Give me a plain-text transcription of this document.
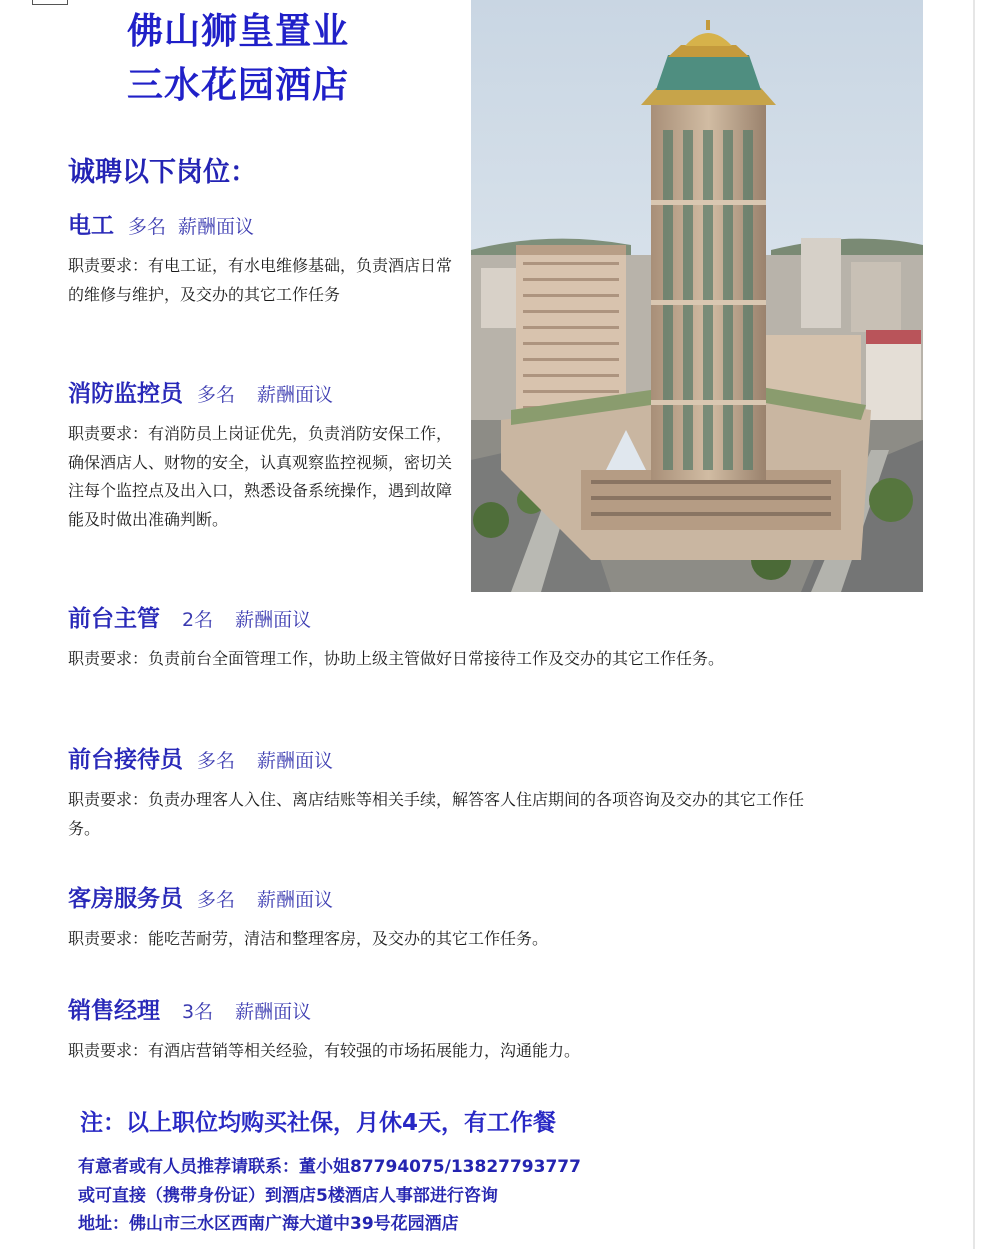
佛山狮皇置业
三水花园酒店
诚聘以下岗位：
电工 多名 薪酬面议
职责要求：有电工证，有水电维修基础，负责酒店日常的维修与维护，及交办的其它工作任务
消防监控员 多名 薪酬面议
职责要求：有消防员上岗证优先，负责消防安保工作，确保酒店人、财物的安全，认真观察监控视频，密切关注每个监控点及出入口，熟悉设备系统操作，遇到故障能及时做出准确判断。
前台主管 2名 薪酬面议
职责要求：负责前台全面管理工作，协助上级主管做好日常接待工作及交办的其它工作任务。
前台接待员 多名 薪酬面议
职责要求：负责办理客人入住、离店结账等相关手续，解答客人住店期间的各项咨询及交办的其它工作任务。
客房服务员 多名 薪酬面议
职责要求：能吃苦耐劳，清洁和整理客房，及交办的其它工作任务。
销售经理 3名 薪酬面议
职责要求：有酒店营销等相关经验，有较强的市场拓展能力，沟通能力。
注：以上职位均购买社保，月休4天，有工作餐
有意者或有人员推荐请联系：董小姐87794075/13827793777
或可直接（携带身份证）到酒店5楼酒店人事部进行咨询
地址：佛山市三水区西南广海大道中39号花园酒店
